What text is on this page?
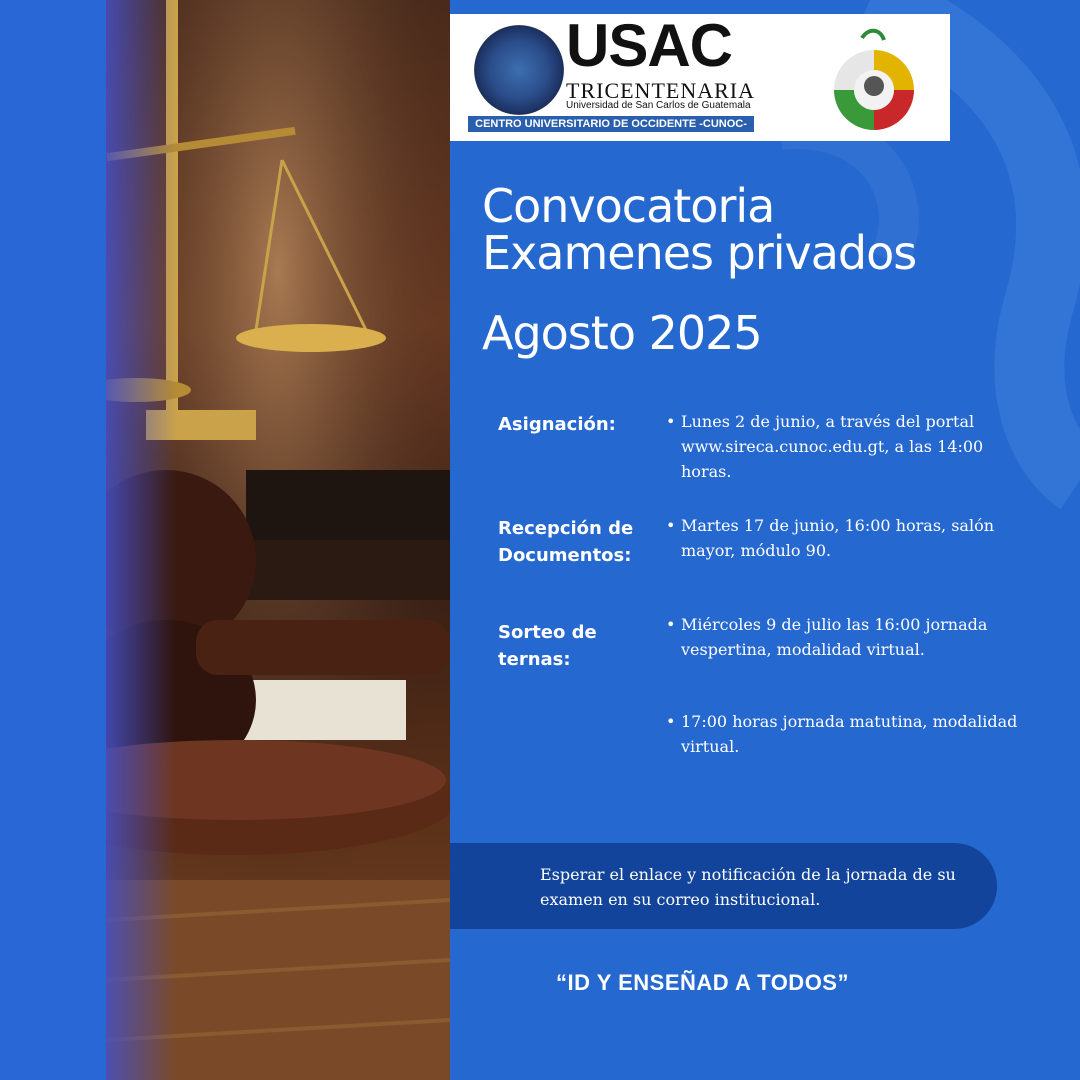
USAC
TRICENTENARIA
Universidad de San Carlos de Guatemala
CENTRO UNIVERSITARIO DE OCCIDENTE -CUNOC-
Convocatoria
Examenes privados
Agosto 2025
Asignación:
•	Lunes 2 de junio, a través del portal www.sireca.cunoc.edu.gt, a las 14:00 horas.
Recepción de
Documentos:
• Martes 17 de junio, 16:00 horas, salón mayor, módulo 90.
Sorteo de
ternas:
• Miércoles 9 de julio las 16:00 jornada vespertina, modalidad virtual.
• 17:00 horas jornada matutina, modalidad virtual.
Esperar el enlace y notificación de la jornada de su examen en su correo institucional.
“ID Y ENSEÑAD A TODOS”
